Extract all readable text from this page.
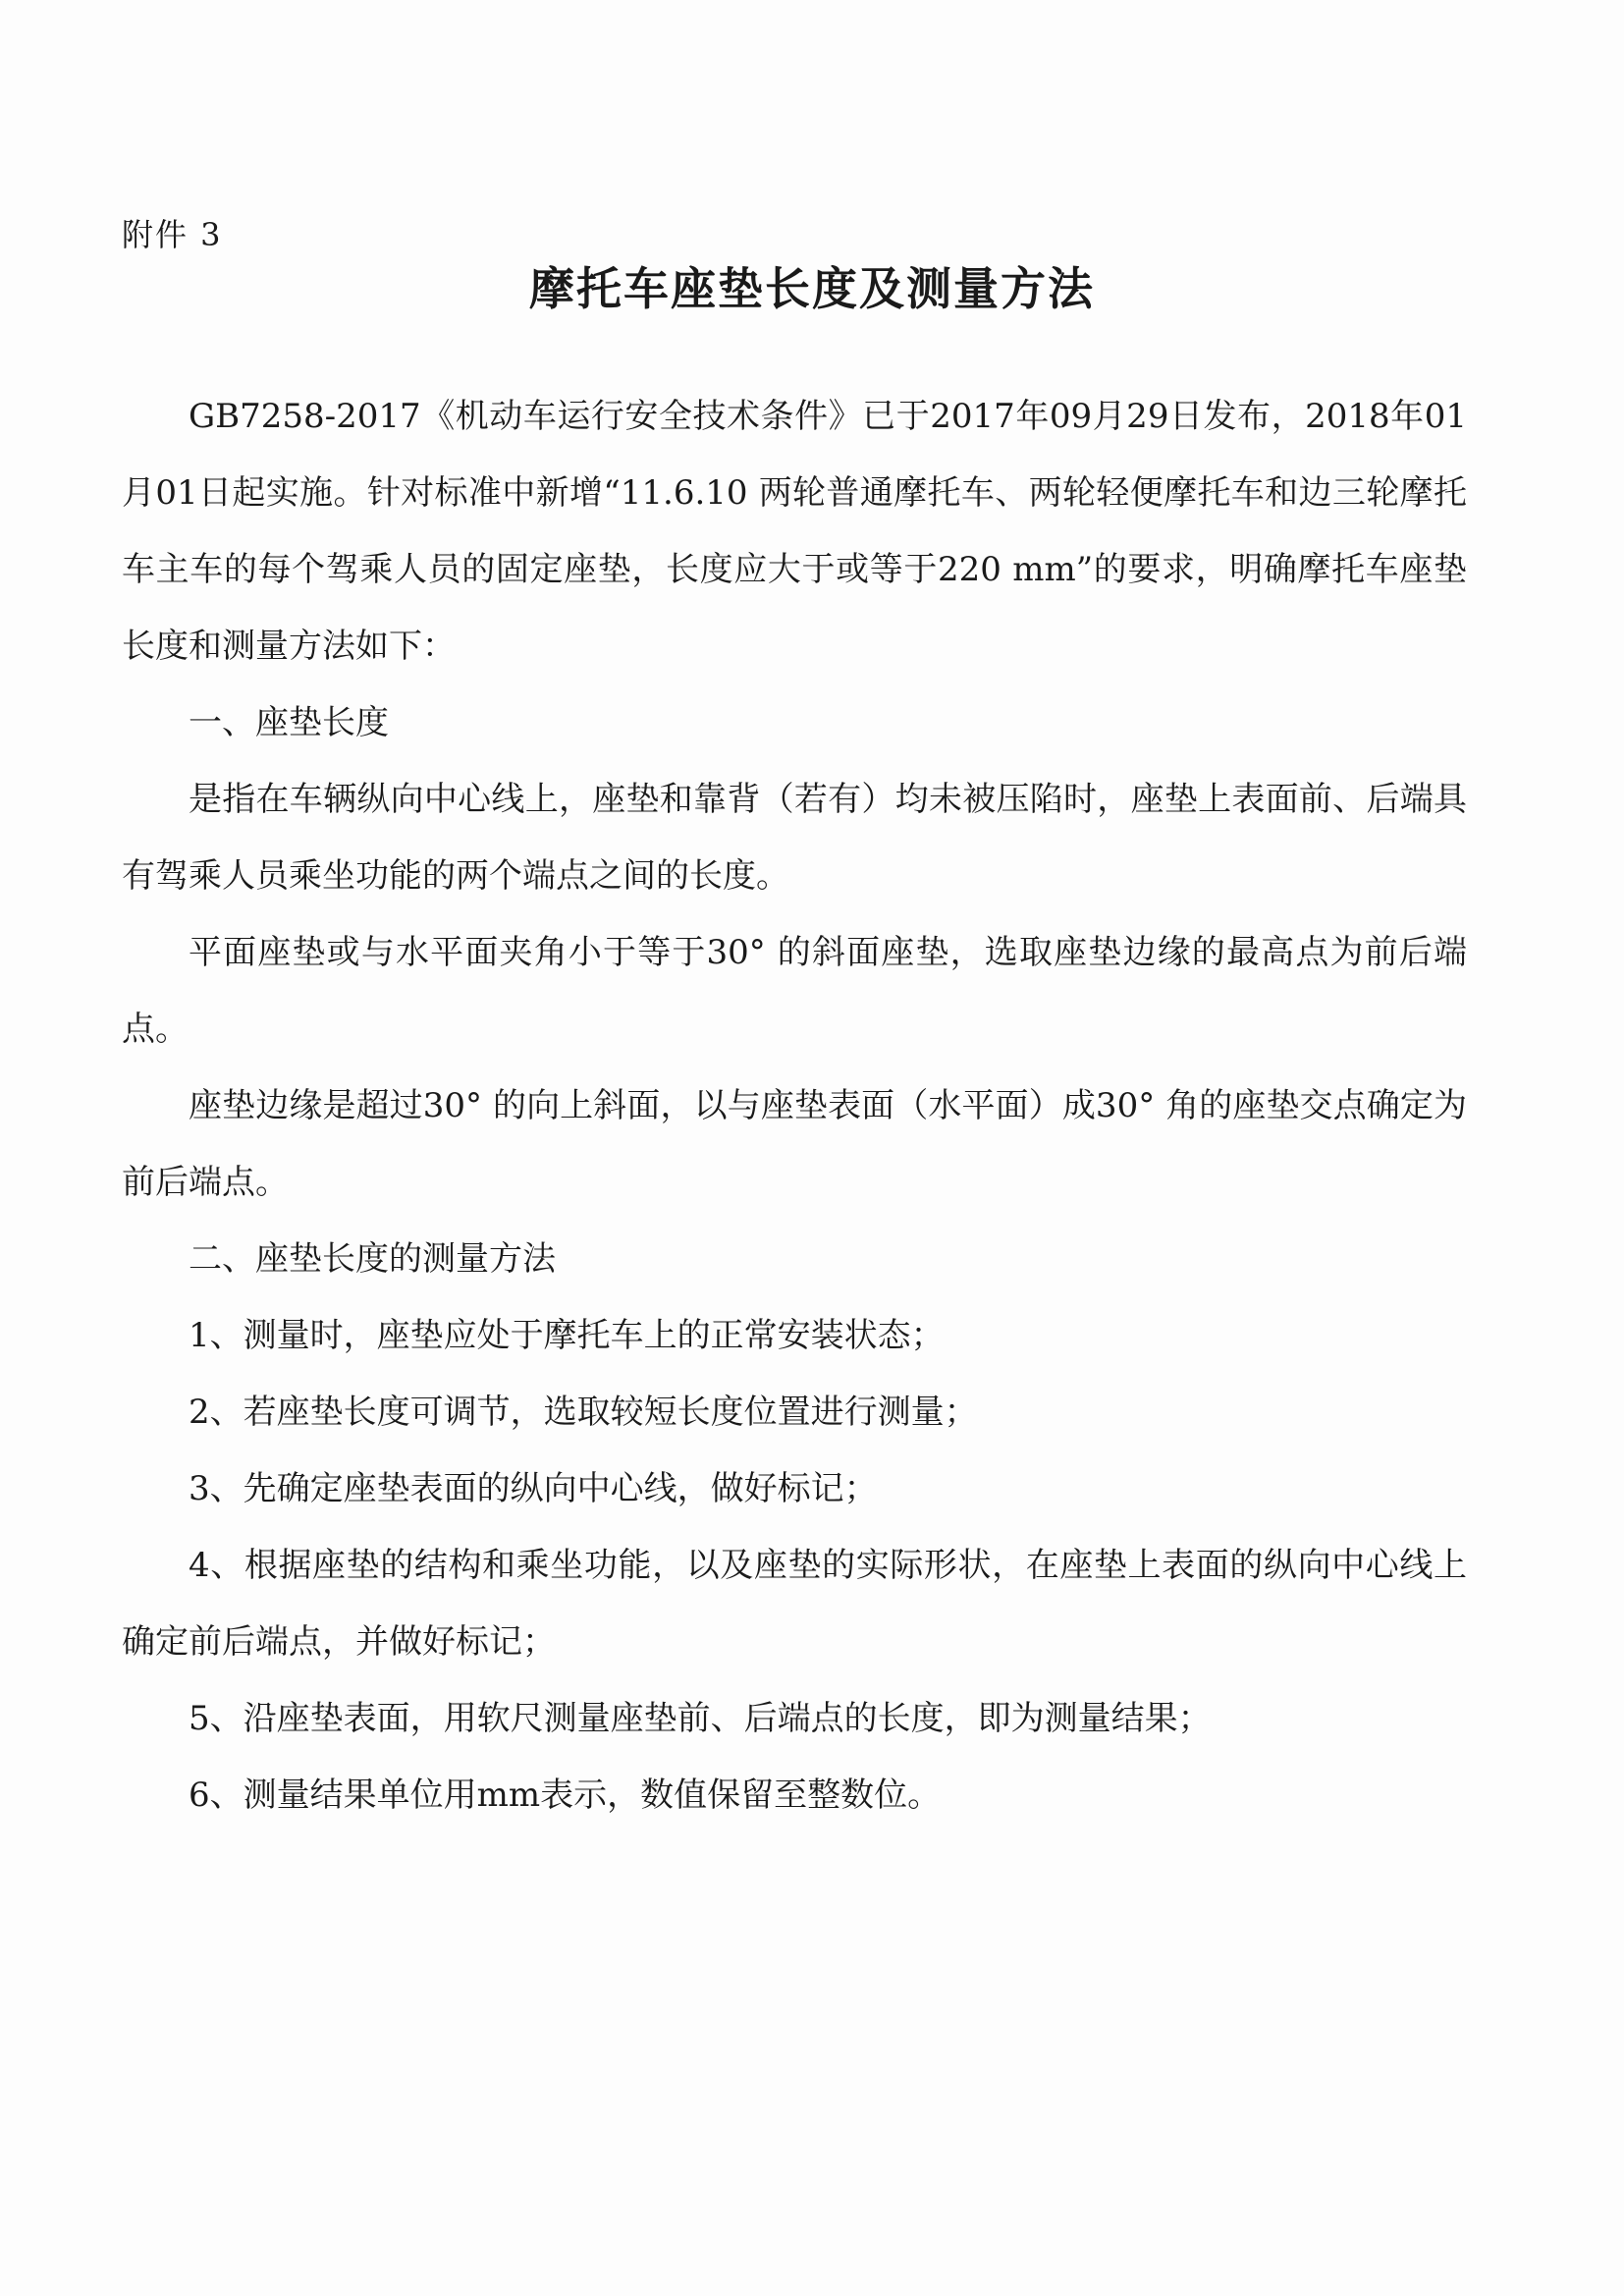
附件 3

摩托车座垫长度及测量方法

GB7258-2017《机动车运行安全技术条件》已于2017年09月29日发布，2018年01月01日起实施。针对标准中新增“11.6.10 两轮普通摩托车、两轮轻便摩托车和边三轮摩托车主车的每个驾乘人员的固定座垫，长度应大于或等于220 mm”的要求，明确摩托车座垫长度和测量方法如下：

一、座垫长度

是指在车辆纵向中心线上，座垫和靠背（若有）均未被压陷时，座垫上表面前、后端具有驾乘人员乘坐功能的两个端点之间的长度。

平面座垫或与水平面夹角小于等于30° 的斜面座垫，选取座垫边缘的最高点为前后端点。

座垫边缘是超过30° 的向上斜面，以与座垫表面（水平面）成30° 角的座垫交点确定为前后端点。

二、座垫长度的测量方法

1、测量时，座垫应处于摩托车上的正常安装状态；

2、若座垫长度可调节，选取较短长度位置进行测量；

3、先确定座垫表面的纵向中心线，做好标记；

4、根据座垫的结构和乘坐功能，以及座垫的实际形状，在座垫上表面的纵向中心线上确定前后端点，并做好标记；

5、沿座垫表面，用软尺测量座垫前、后端点的长度，即为测量结果；

6、测量结果单位用mm表示，数值保留至整数位。
